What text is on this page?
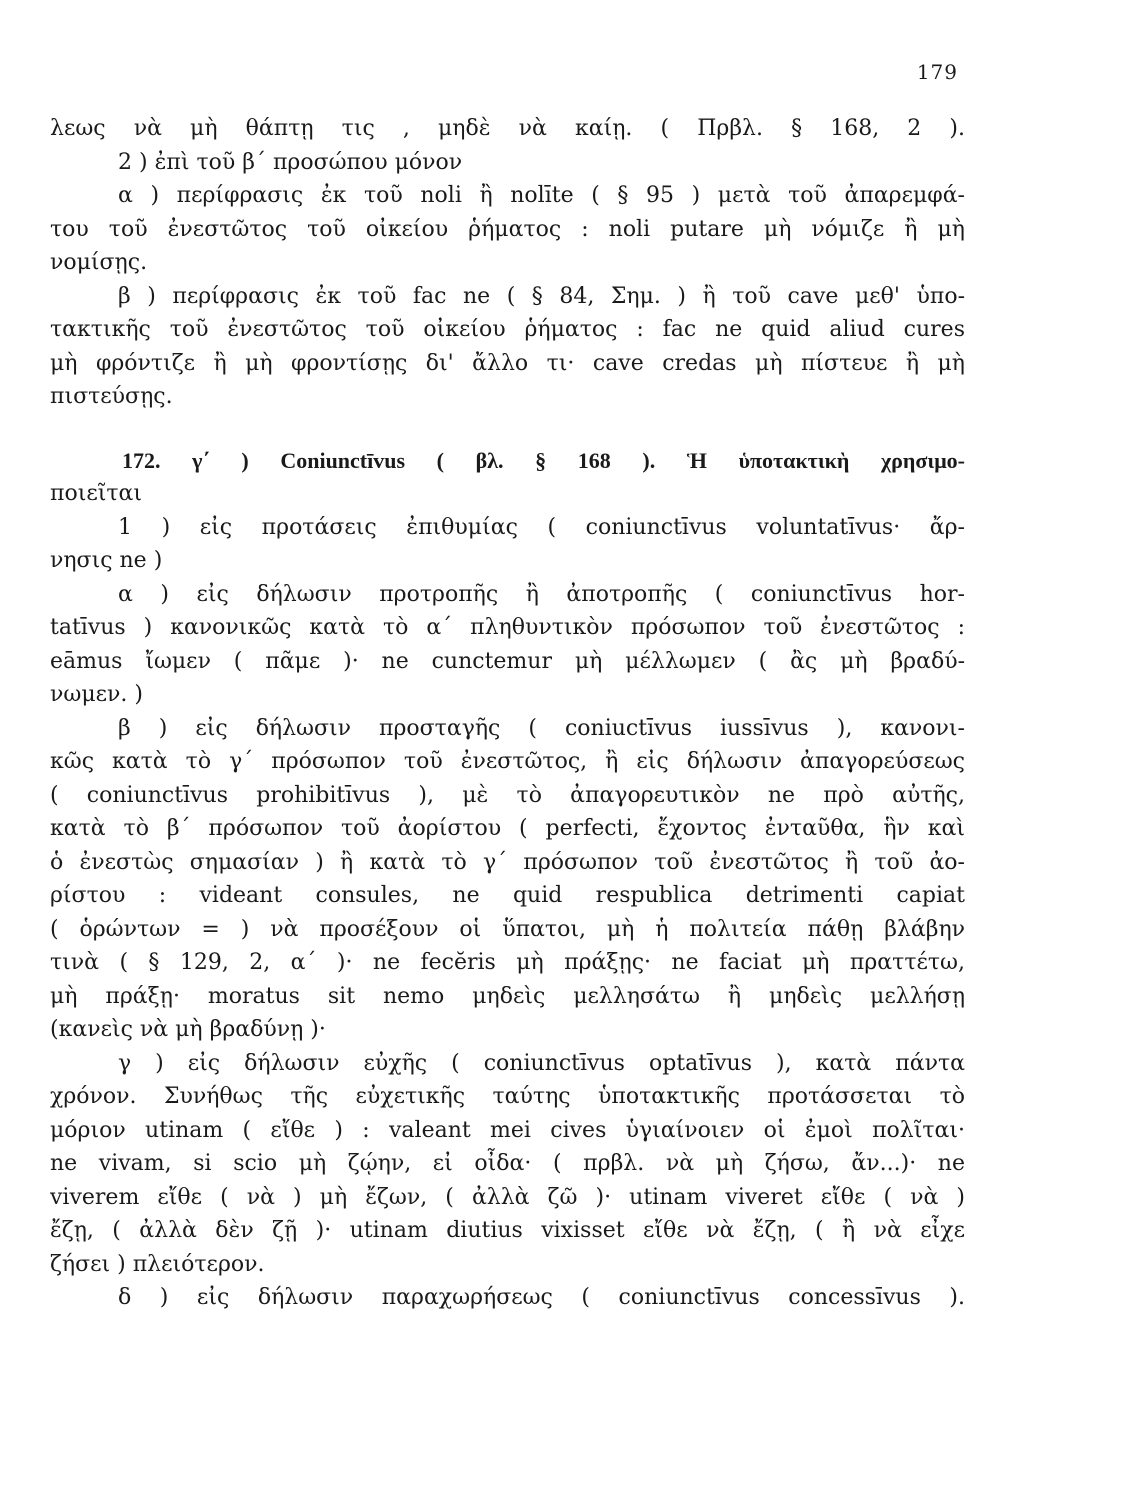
179
λεως νὰ μὴ θάπτῃ τις , μηδὲ νὰ καίῃ. ( Πρβλ. § 168, 2 ).
2 ) ἐπὶ τοῦ β΄ προσώπου μόνον
α ) περίφρασις ἐκ τοῦ noli ἢ nolīte ( § 95 ) μετὰ τοῦ ἀπαρεμφά-
του τοῦ ἐνεστῶτος τοῦ οἰκείου ῥήματος : noli putare μὴ νόμιζε ἢ μὴ
νομίσῃς.
β ) περίφρασις ἐκ τοῦ fac ne ( § 84, Σημ. ) ἢ τοῦ cave μεθ' ὑπο-
τακτικῆς τοῦ ἐνεστῶτος τοῦ οἰκείου ῥήματος : fac ne quid aliud cures
μὴ φρόντιζε ἢ μὴ φροντίσῃς δι' ἄλλο τι· cave credas μὴ πίστευε ἢ μὴ
πιστεύσῃς.
172. γ΄ ) Coniunctīvus ( βλ. § 168 ). Ἡ ὑποτακτικὴ χρησιμο-
ποιεῖται
1 ) εἰς προτάσεις ἐπιθυμίας ( coniunctīvus voluntatīvus· ἄρ-
νησις ne )
α ) εἰς δήλωσιν προτροπῆς ἢ ἀποτροπῆς ( coniunctīvus hor-
tatīvus ) κανονικῶς κατὰ τὸ α΄ πληθυντικὸν πρόσωπον τοῦ ἐνεστῶτος :
eāmus ἴωμεν ( πᾶμε )· ne cunctemur μὴ μέλλωμεν ( ἂς μὴ βραδύ-
νωμεν. )
β ) εἰς δήλωσιν προσταγῆς ( coniuctīvus iussīvus ), κανονι-
κῶς κατὰ τὸ γ΄ πρόσωπον τοῦ ἐνεστῶτος, ἢ εἰς δήλωσιν ἀπαγορεύσεως
( coniunctīvus prohibitīvus ), μὲ τὸ ἀπαγορευτικὸν ne πρὸ αὐτῆς,
κατὰ τὸ β΄ πρόσωπον τοῦ ἀορίστου ( perfecti, ἔχοντος ἐνταῦθα, ἣν καὶ
ὁ ἐνεστὼς σημασίαν ) ἢ κατὰ τὸ γ΄ πρόσωπον τοῦ ἐνεστῶτος ἢ τοῦ ἀο-
ρίστου : videant consules, ne quid respublica detrimenti capiat
( ὁρώντων = ) νὰ προσέξουν οἱ ὕπατοι, μὴ ἡ πολιτεία πάθῃ βλάβην
τινὰ ( § 129, 2, α΄ )· ne fecĕris μὴ πράξῃς· ne faciat μὴ πραττέτω,
μὴ πράξῃ· moratus sit nemo μηδεὶς μελλησάτω ἢ μηδεὶς μελλήσῃ
(κανεὶς νὰ μὴ βραδύνῃ )·
γ ) εἰς δήλωσιν εὐχῆς ( coniunctīvus optatīvus ), κατὰ πάντα
χρόνον. Συνήθως τῆς εὐχετικῆς ταύτης ὑποτακτικῆς προτάσσεται τὸ
μόριον utinam ( εἴθε ) : valeant mei cives ὑγιαίνοιεν οἱ ἐμοὶ πολῖται·
ne vivam, si scio μὴ ζῴην, εἰ οἶδα· ( πρβλ. νὰ μὴ ζήσω, ἄν...)· ne
viverem εἴθε ( νὰ ) μὴ ἔζων, ( ἀλλὰ ζῶ )· utinam viveret εἴθε ( νὰ )
ἔζῃ, ( ἀλλὰ δὲν ζῇ )· utinam diutius vixisset εἴθε νὰ ἔζῃ, ( ἢ νὰ εἶχε
ζήσει ) πλειότερον.
δ ) εἰς δήλωσιν παραχωρήσεως ( coniunctīvus concessīvus ).
